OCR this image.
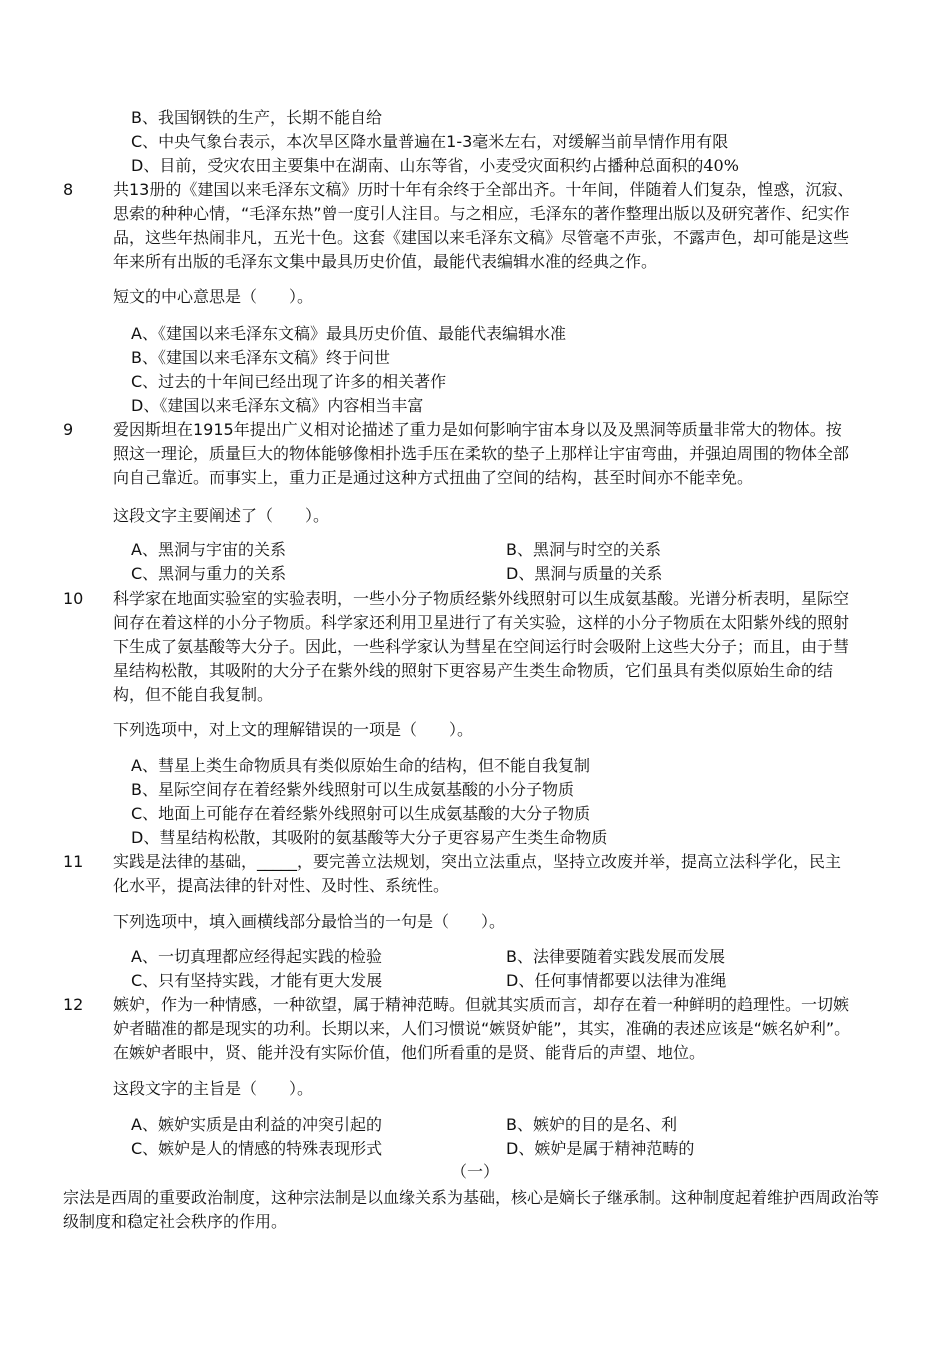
B、我国钢铁的生产，长期不能自给
C、中央气象台表示，本次旱区降水量普遍在1-3毫米左右，对缓解当前旱情作用有限
D、目前，受灾农田主要集中在湖南、山东等省，小麦受灾面积约占播种总面积的40%
8 共13册的《建国以来毛泽东文稿》历时十年有余终于全部出齐。十年间，伴随着人们复杂，惶惑，沉寂、思索的种种心情，“毛泽东热”曾一度引人注目。与之相应，毛泽东的著作整理出版以及研究著作、纪实作品，这些年热闹非凡，五光十色。这套《建国以来毛泽东文稿》尽管毫不声张，不露声色，却可能是这些年来所有出版的毛泽东文集中最具历史价值，最能代表编辑水准的经典之作。
短文的中心意思是（　　）。
A、《建国以来毛泽东文稿》最具历史价值、最能代表编辑水准
B、《建国以来毛泽东文稿》终于问世
C、过去的十年间已经出现了许多的相关著作
D、《建国以来毛泽东文稿》内容相当丰富
9 爱因斯坦在1915年提出广义相对论描述了重力是如何影响宇宙本身以及及黑洞等质量非常大的物体。按照这一理论，质量巨大的物体能够像相扑选手压在柔软的垫子上那样让宇宙弯曲，并强迫周围的物体全部向自己靠近。而事实上，重力正是通过这种方式扭曲了空间的结构，甚至时间亦不能幸免。
这段文字主要阐述了（　　）。
A、黑洞与宇宙的关系	B、黑洞与时空的关系
C、黑洞与重力的关系	D、黑洞与质量的关系
10 科学家在地面实验室的实验表明，一些小分子物质经紫外线照射可以生成氨基酸。光谱分析表明，星际空间存在着这样的小分子物质。科学家还利用卫星进行了有关实验，这样的小分子物质在太阳紫外线的照射下生成了氨基酸等大分子。因此，一些科学家认为彗星在空间运行时会吸附上这些大分子；而且，由于彗星结构松散，其吸附的大分子在紫外线的照射下更容易产生类生命物质，它们虽具有类似原始生命的结构，但不能自我复制。
下列选项中，对上文的理解错误的一项是（　　）。
A、彗星上类生命物质具有类似原始生命的结构，但不能自我复制
B、星际空间存在着经紫外线照射可以生成氨基酸的小分子物质
C、地面上可能存在着经紫外线照射可以生成氨基酸的大分子物质
D、彗星结构松散，其吸附的氨基酸等大分子更容易产生类生命物质
11 实践是法律的基础，_____，要完善立法规划，突出立法重点，坚持立改废并举，提高立法科学化，民主化水平，提高法律的针对性、及时性、系统性。
下列选项中，填入画横线部分最恰当的一句是（　　）。
A、一切真理都应经得起实践的检验	B、法律要随着实践发展而发展
C、只有坚持实践，才能有更大发展	D、任何事情都要以法律为准绳
12 嫉妒，作为一种情感，一种欲望，属于精神范畴。但就其实质而言，却存在着一种鲜明的趋理性。一切嫉妒者瞄准的都是现实的功利。长期以来，人们习惯说“嫉贤妒能”，其实，准确的表述应该是“嫉名妒利”。在嫉妒者眼中，贤、能并没有实际价值，他们所看重的是贤、能背后的声望、地位。
这段文字的主旨是（　　）。
A、嫉妒实质是由利益的冲突引起的	B、嫉妒的目的是名、利
C、嫉妒是人的情感的特殊表现形式	D、嫉妒是属于精神范畴的
（一）
宗法是西周的重要政治制度，这种宗法制是以血缘关系为基础，核心是嫡长子继承制。这种制度起着维护西周政治等级制度和稳定社会秩序的作用。
